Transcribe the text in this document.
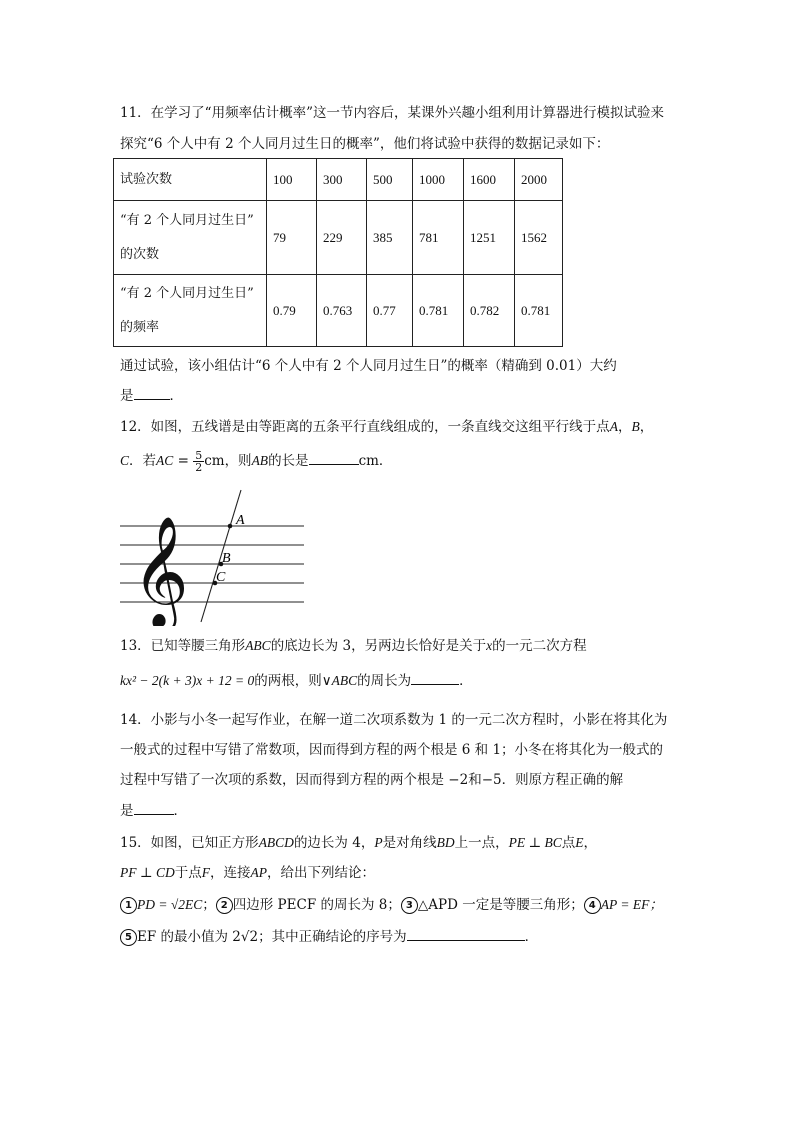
11．在学习了“用频率估计概率”这一节内容后，某课外兴趣小组利用计算器进行模拟试验来
探究“6 个人中有 2 个人同月过生日的概率”，他们将试验中获得的数据记录如下：
试验次数	100	300	500	1000	1600	2000

“有 2 个人同月过生日”
的次数	79	229	385	781	1251	1562

“有 2 个人同月过生日”
的频率	0.79	0.763	0.77	0.781	0.782	0.781
通过试验，该小组估计“6 个人中有 2 个人同月过生日”的概率（精确到 0.01）大约
是	．
12．如图，五线谱是由等距离的五条平行直线组成的，一条直线交这组平行线于点A，B，
C．若AC = $\frac{5}{2}$ cm，则AB的长是	cm．
𝄞	A
B
C
13．已知等腰三角形ABC的底边长为 3，另两边长恰好是关于x的一元二次方程
kx² − 2(k + 3)x + 12 = 0的两根，则∨ABC的周长为	．
14．小影与小冬一起写作业，在解一道二次项系数为 1 的一元二次方程时，小影在将其化为
一般式的过程中写错了常数项，因而得到方程的两个根是 6 和 1；小冬在将其化为一般式的
过程中写错了一次项的系数，因而得到方程的两个根是 −2和−5．则原方程正确的解
是	．
15．如图，已知正方形ABCD的边长为 4，P是对角线BD上一点，PE ⊥ BC点E，
PF ⊥ CD于点F，连接AP，给出下列结论：
1 PD = √2EC； 2 四边形 PECF 的周长为 8； 3 △APD 一定是等腰三角形； 4 AP = EF；
5 EF 的最小值为 2√2；其中正确结论的序号为	．
